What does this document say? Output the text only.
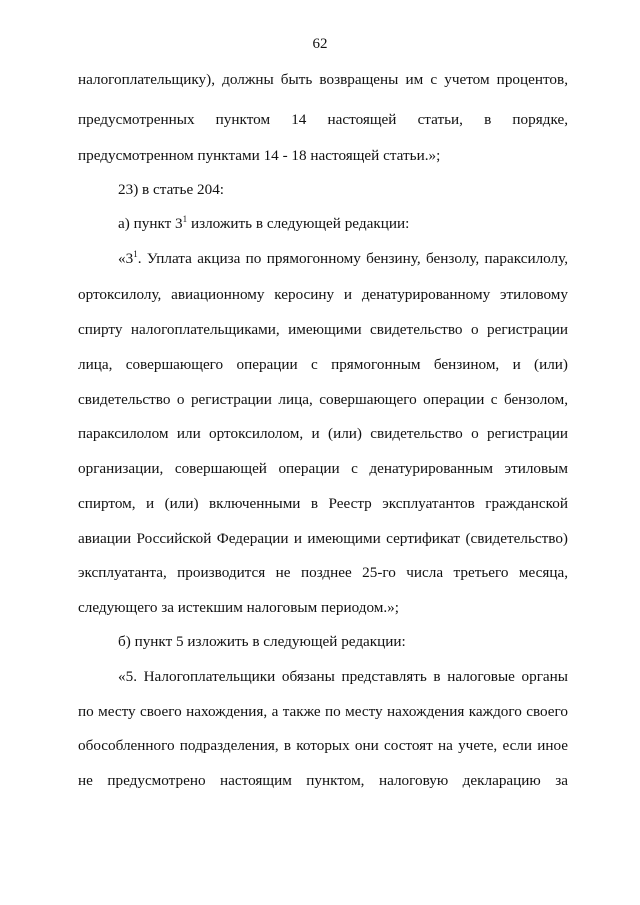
62
налогоплательщику), должны быть возвращены им с учетом процентов,
предусмотренных пунктом 14 настоящей статьи, в порядке,
предусмотренном пунктами 14 - 18 настоящей статьи.»;
23) в статье 204:
а) пункт $3^1$ изложить в следующей редакции:
«$3^1$. Уплата акциза по прямогонному бензину, бензолу, параксилолу,
ортоксилолу, авиационному керосину и денатурированному этиловому
спирту налогоплательщиками, имеющими свидетельство о регистрации
лица, совершающего операции с прямогонным бензином, и (или)
свидетельство о регистрации лица, совершающего операции с бензолом,
параксилолом или ортоксилолом, и (или) свидетельство о регистрации
организации, совершающей операции с денатурированным этиловым
спиртом, и (или) включенными в Реестр эксплуатантов гражданской
авиации Российской Федерации и имеющими сертификат (свидетельство)
эксплуатанта, производится не позднее 25-го числа третьего месяца,
следующего за истекшим налоговым периодом.»;
б) пункт 5 изложить в следующей редакции:
«5. Налогоплательщики обязаны представлять в налоговые органы
по месту своего нахождения, а также по месту нахождения каждого своего
обособленного подразделения, в которых они состоят на учете, если иное
не предусмотрено настоящим пунктом, налоговую декларацию за
